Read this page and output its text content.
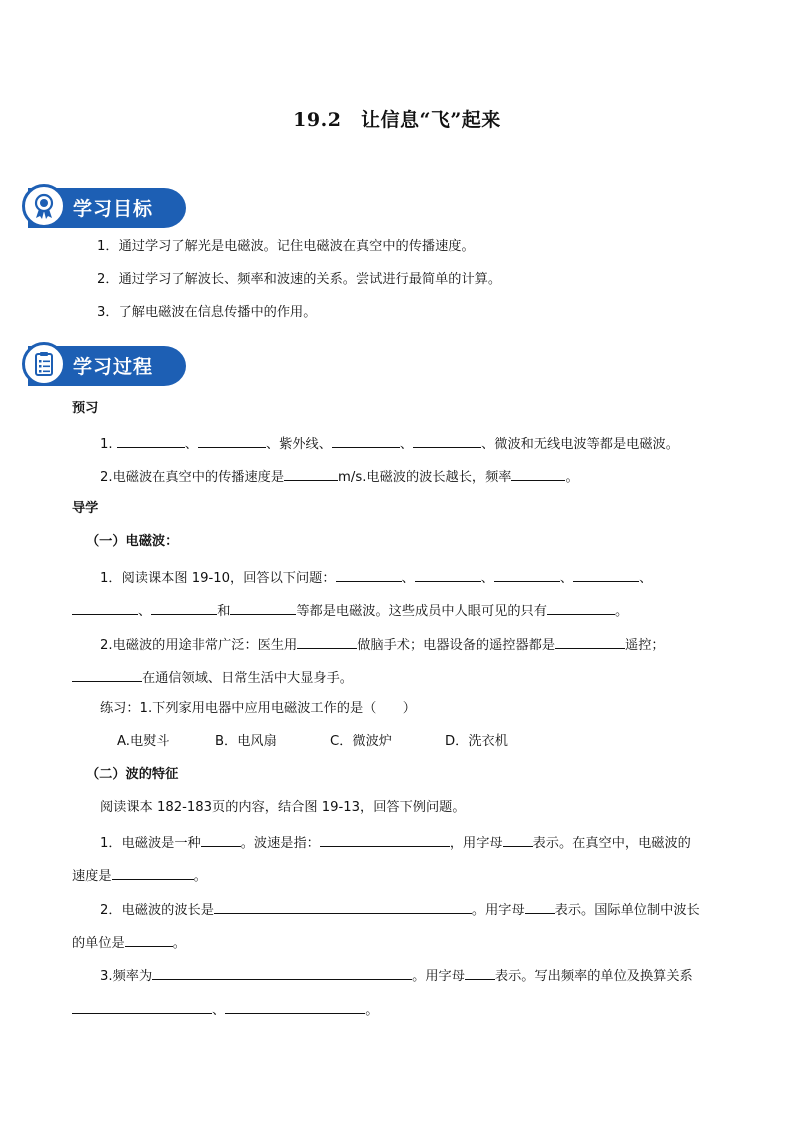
19.2　让信息“飞”起来
学习目标
1．通过学习了解光是电磁波。记住电磁波在真空中的传播速度。
2．通过学习了解波长、频率和波速的关系。尝试进行最简单的计算。
3．了解电磁波在信息传播中的作用。
学习过程
预习
1.	、	、紫外线、	、	、微波和无线电波等都是电磁波。
2.电磁波在真空中的传播速度是	m/s.电磁波的波长越长，频率	。
导学
（一）电磁波：
1．阅读课本图 19-10，回答以下问题：	、	、	、	、
、	和	等都是电磁波。这些成员中人眼可见的只有	。
2.电磁波的用途非常广泛：医生用	做脑手术；电器设备的遥控器都是	遥控；
在通信领域、日常生活中大显身手。
练习：1.下列家用电器中应用电磁波工作的是（　　）
A.电熨斗	B．电风扇	C．微波炉	D．洗衣机
（二）波的特征
阅读课本 182-183页的内容，结合图 19-13，回答下例问题。
1．电磁波是一种	。波速是指：	，用字母 表示。在真空中，电磁波的
速度是	。
2．电磁波的波长是	。用字母 表示。国际单位制中波长
的单位是	。
3.频率为	。用字母 表示。写出频率的单位及换算关系
、	。
